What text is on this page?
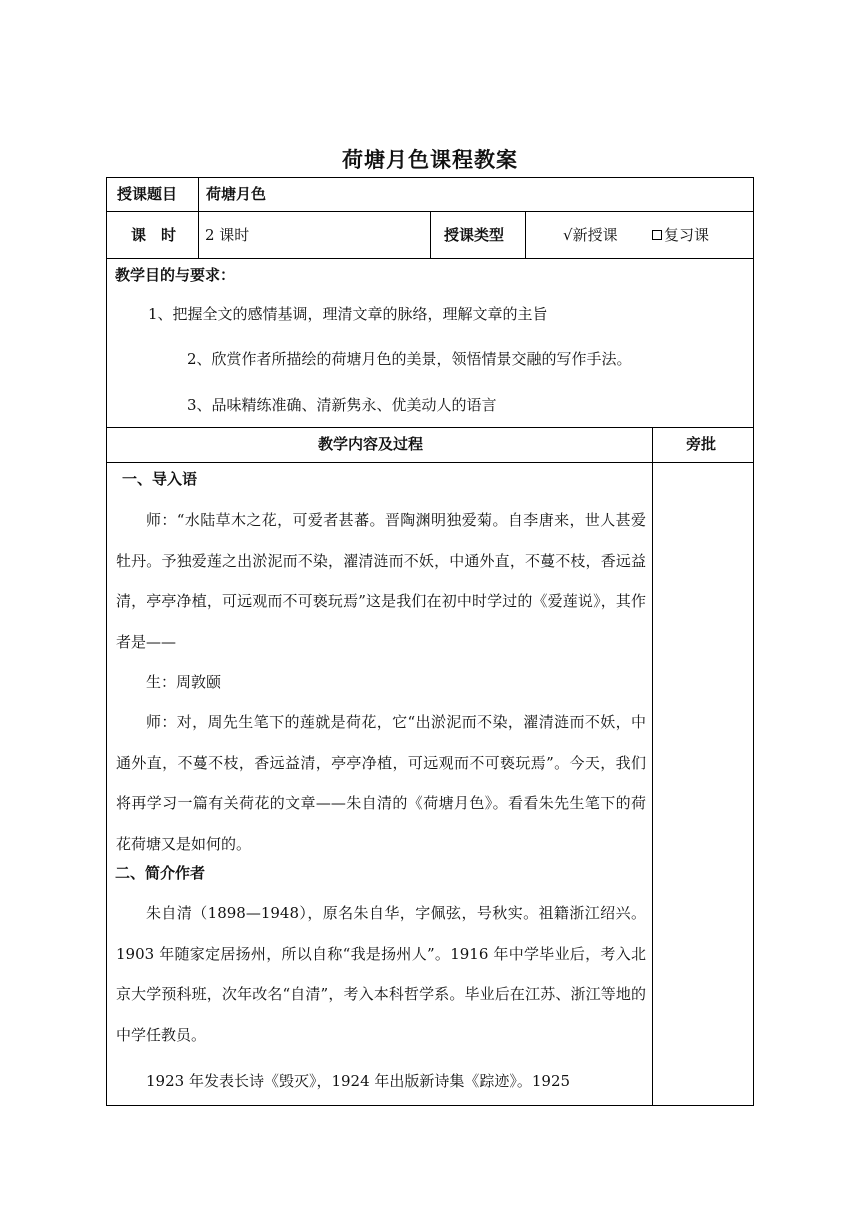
荷塘月色课程教案
授课题目 荷塘月色
课　时 2 课时	授课类型	√新授课	复习课
教学目的与要求：
1、把握全文的感情基调，理清文章的脉络，理解文章的主旨
2、欣赏作者所描绘的荷塘月色的美景，领悟情景交融的写作手法。
3、品味精练准确、清新隽永、优美动人的语言
教学内容及过程	旁批
一、导入语
师：“水陆草木之花，可爱者甚蕃。晋陶渊明独爱菊。自李唐来，世人甚爱牡丹。予独爱莲之出淤泥而不染，濯清涟而不妖，中通外直，不蔓不枝，香远益清，亭亭净植，可远观而不可亵玩焉”这是我们在初中时学过的《爱莲说》，其作者是——
生：周敦颐
师：对，周先生笔下的莲就是荷花，它“出淤泥而不染，濯清涟而不妖，中通外直，不蔓不枝，香远益清，亭亭净植，可远观而不可亵玩焉”。今天，我们将再学习一篇有关荷花的文章——朱自清的《荷塘月色》。看看朱先生笔下的荷花荷塘又是如何的。
二、简介作者
朱自清（1898—1948），原名朱自华，字佩弦，号秋实。祖籍浙江绍兴。1903 年随家定居扬州，所以自称“我是扬州人”。1916 年中学毕业后，考入北京大学预科班，次年改名“自清”，考入本科哲学系。毕业后在江苏、浙江等地的中学任教员。
1923 年发表长诗《毁灭》，1924 年出版新诗集《踪迹》。1925
